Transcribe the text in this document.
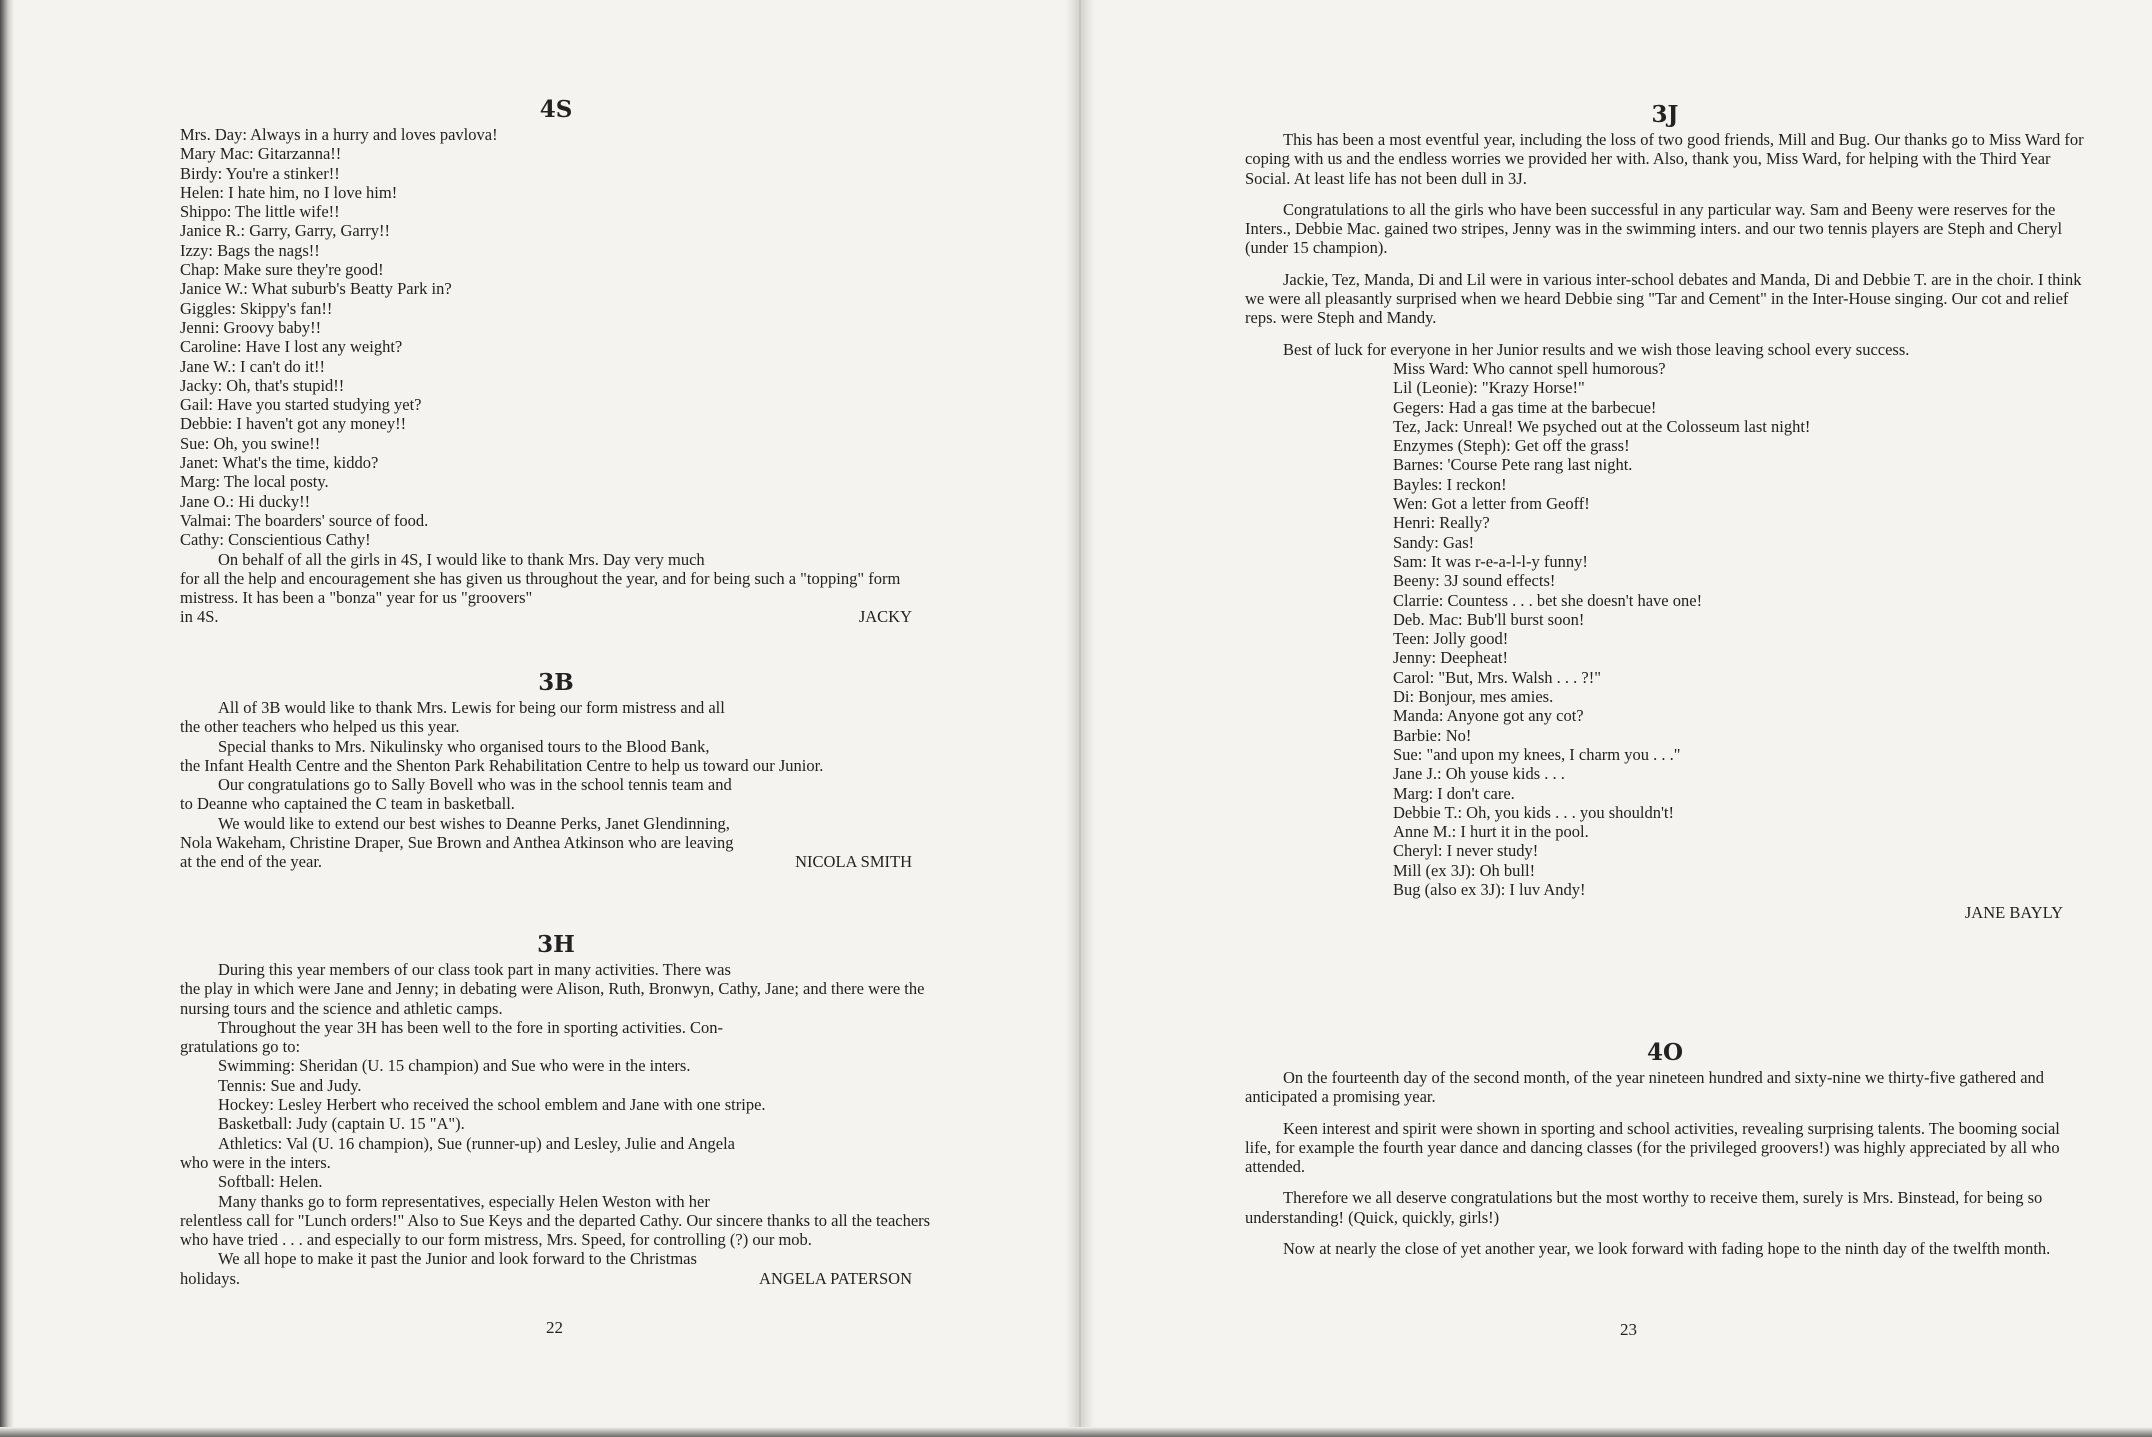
4S
Mrs. Day: Always in a hurry and loves pavlova!
Mary Mac: Gitarzanna!!
Birdy: You're a stinker!!
Helen: I hate him, no I love him!
Shippo: The little wife!!
Janice R.: Garry, Garry, Garry!!
Izzy: Bags the nags!!
Chap: Make sure they're good!
Janice W.: What suburb's Beatty Park in?
Giggles: Skippy's fan!!
Jenni: Groovy baby!!
Caroline: Have I lost any weight?
Jane W.: I can't do it!!
Jacky: Oh, that's stupid!!
Gail: Have you started studying yet?
Debbie: I haven't got any money!!
Sue: Oh, you swine!!
Janet: What's the time, kiddo?
Marg: The local posty.
Jane O.: Hi ducky!!
Valmai: The boarders' source of food.
Cathy: Conscientious Cathy!

On behalf of all the girls in 4S, I would like to thank Mrs. Day very much

for all the help and encouragement she has given us throughout the year, and for being such a "topping" form mistress. It has been a "bonza" year for us "groovers"

in 4S.	JACKY
3B

All of 3B would like to thank Mrs. Lewis for being our form mistress and all

the other teachers who helped us this year.

Special thanks to Mrs. Nikulinsky who organised tours to the Blood Bank,

the Infant Health Centre and the Shenton Park Rehabilitation Centre to help us toward our Junior.

Our congratulations go to Sally Bovell who was in the school tennis team and

to Deanne who captained the C team in basketball.

We would like to extend our best wishes to Deanne Perks, Janet Glendinning,

Nola Wakeham, Christine Draper, Sue Brown and Anthea Atkinson who are leaving

at the end of the year.	NICOLA SMITH
3H

During this year members of our class took part in many activities. There was

the play in which were Jane and Jenny; in debating were Alison, Ruth, Bronwyn, Cathy, Jane; and there were the nursing tours and the science and athletic camps.

Throughout the year 3H has been well to the fore in sporting activities. Con-

gratulations go to:

Swimming: Sheridan (U. 15 champion) and Sue who were in the inters.

Tennis: Sue and Judy.

Hockey: Lesley Herbert who received the school emblem and Jane with one stripe.

Basketball: Judy (captain U. 15 "A").

Athletics: Val (U. 16 champion), Sue (runner-up) and Lesley, Julie and Angela

who were in the inters.

Softball: Helen.

Many thanks go to form representatives, especially Helen Weston with her

relentless call for "Lunch orders!" Also to Sue Keys and the departed Cathy. Our sincere thanks to all the teachers who have tried . . . and especially to our form mistress, Mrs. Speed, for controlling (?) our mob.

We all hope to make it past the Junior and look forward to the Christmas

holidays.	ANGELA PATERSON
22
3J

This has been a most eventful year, including the loss of two good friends, Mill and Bug. Our thanks go to Miss Ward for coping with us and the endless worries we provided her with. Also, thank you, Miss Ward, for helping with the Third Year Social. At least life has not been dull in 3J.

Congratulations to all the girls who have been successful in any particular way. Sam and Beeny were reserves for the Inters., Debbie Mac. gained two stripes, Jenny was in the swimming inters. and our two tennis players are Steph and Cheryl (under 15 champion).

Jackie, Tez, Manda, Di and Lil were in various inter-school debates and Manda, Di and Debbie T. are in the choir. I think we were all pleasantly surprised when we heard Debbie sing "Tar and Cement" in the Inter-House singing. Our cot and relief reps. were Steph and Mandy.

Best of luck for everyone in her Junior results and we wish those leaving school every success.

Miss Ward: Who cannot spell humorous?
Lil (Leonie): "Krazy Horse!"
Gegers: Had a gas time at the barbecue!
Tez, Jack: Unreal! We psyched out at the Colosseum last night!
Enzymes (Steph): Get off the grass!
Barnes: 'Course Pete rang last night.
Bayles: I reckon!
Wen: Got a letter from Geoff!
Henri: Really?
Sandy: Gas!
Sam: It was r-e-a-l-l-y funny!
Beeny: 3J sound effects!
Clarrie: Countess . . . bet she doesn't have one!
Deb. Mac: Bub'll burst soon!
Teen: Jolly good!
Jenny: Deepheat!
Carol: "But, Mrs. Walsh . . . ?!"
Di: Bonjour, mes amies.
Manda: Anyone got any cot?
Barbie: No!
Sue: "and upon my knees, I charm you . . ."
Jane J.: Oh youse kids . . .
Marg: I don't care.
Debbie T.: Oh, you kids . . . you shouldn't!
Anne M.: I hurt it in the pool.
Cheryl: I never study!
Mill (ex 3J): Oh bull!
Bug (also ex 3J): I luv Andy!
JANE BAYLY
4O

On the fourteenth day of the second month, of the year nineteen hundred and sixty-nine we thirty-five gathered and anticipated a promising year.

Keen interest and spirit were shown in sporting and school activities, revealing surprising talents. The booming social life, for example the fourth year dance and dancing classes (for the privileged groovers!) was highly appreciated by all who attended.

Therefore we all deserve congratulations but the most worthy to receive them, surely is Mrs. Binstead, for being so understanding! (Quick, quickly, girls!)

Now at nearly the close of yet another year, we look forward with fading hope to the ninth day of the twelfth month.

23
